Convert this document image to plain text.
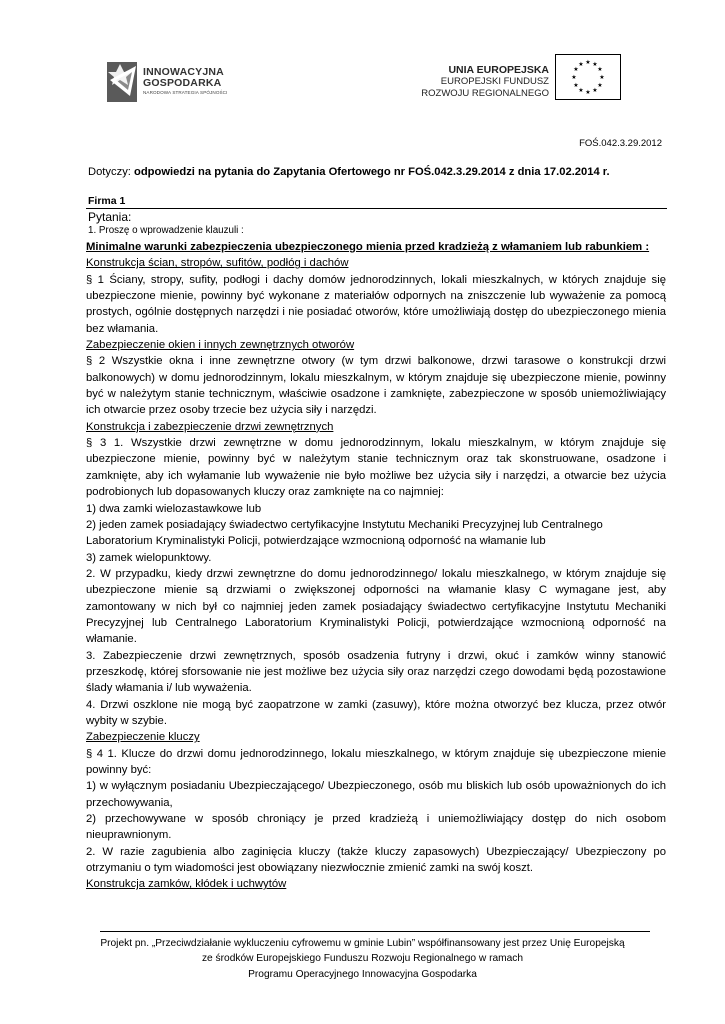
INNOWACYJNA
GOSPODARKA
NARODOWA STRATEGIA SPÓJNOŚCI
UNIA EUROPEJSKA
EUROPEJSKI FUNDUSZ
ROZWOJU REGIONALNEGO
★ ★
★
★
★
★
★
★
★
★
★
★
FOŚ.042.3.29.2012
Dotyczy: odpowiedzi na pytania do Zapytania Ofertowego nr FOŚ.042.3.29.2014 z dnia 17.02.2014 r.
Firma 1
Pytania:
1. Proszę o wprowadzenie klauzuli :

Minimalne warunki zabezpieczenia ubezpieczonego mienia przed kradzieżą z włamaniem lub rabunkiem :

Konstrukcja ścian, stropów, sufitów, podłóg i dachów

§ 1 Ściany, stropy, sufity, podłogi i dachy domów jednorodzinnych, lokali mieszkalnych, w których znajduje się ubezpieczone mienie, powinny być wykonane z materiałów odpornych na zniszczenie lub wyważenie za pomocą prostych, ogólnie dostępnych narzędzi i nie posiadać otworów, które umożliwiają dostęp do ubezpieczonego mienia bez włamania.

Zabezpieczenie okien i innych zewnętrznych otworów

§ 2 Wszystkie okna i inne zewnętrzne otwory (w tym drzwi balkonowe, drzwi tarasowe o konstrukcji drzwi balkonowych) w domu jednorodzinnym, lokalu mieszkalnym, w którym znajduje się ubezpieczone mienie, powinny być w należytym stanie technicznym, właściwie osadzone i zamknięte, zabezpieczone w sposób uniemożliwiający ich otwarcie przez osoby trzecie bez użycia siły i narzędzi.

Konstrukcja i zabezpieczenie drzwi zewnętrznych

§ 3 1. Wszystkie drzwi zewnętrzne w domu jednorodzinnym, lokalu mieszkalnym, w którym znajduje się ubezpieczone mienie, powinny być w należytym stanie technicznym oraz tak skonstruowane, osadzone i zamknięte, aby ich wyłamanie lub wyważenie nie było możliwe bez użycia siły i narzędzi, a otwarcie bez użycia podrobionych lub dopasowanych kluczy oraz zamknięte na co najmniej:

1) dwa zamki wielozastawkowe lub

2) jeden zamek posiadający świadectwo certyfikacyjne Instytutu Mechaniki Precyzyjnej lub Centralnego Laboratorium Kryminalistyki Policji, potwierdzające wzmocnioną odporność na włamanie lub

3) zamek wielopunktowy.

2. W przypadku, kiedy drzwi zewnętrzne do domu jednorodzinnego/ lokalu mieszkalnego, w którym znajduje się ubezpieczone mienie są drzwiami o zwiększonej odporności na włamanie klasy C wymagane jest, aby zamontowany w nich był co najmniej jeden zamek posiadający świadectwo certyfikacyjne Instytutu Mechaniki Precyzyjnej lub Centralnego Laboratorium Kryminalistyki Policji, potwierdzające wzmocnioną odporność na włamanie.

3. Zabezpieczenie drzwi zewnętrznych, sposób osadzenia futryny i drzwi, okuć i zamków winny stanowić przeszkodę, której sforsowanie nie jest możliwe bez użycia siły oraz narzędzi czego dowodami będą pozostawione ślady włamania i/ lub wyważenia.

4. Drzwi oszklone nie mogą być zaopatrzone w zamki (zasuwy), które można otworzyć bez klucza, przez otwór wybity w szybie.

Zabezpieczenie kluczy

§ 4 1. Klucze do drzwi domu jednorodzinnego, lokalu mieszkalnego, w którym znajduje się ubezpieczone mienie powinny być:

1) w wyłącznym posiadaniu Ubezpieczającego/ Ubezpieczonego, osób mu bliskich lub osób upoważnionych do ich przechowywania,

2) przechowywane w sposób chroniący je przed kradzieżą i uniemożliwiający dostęp do nich osobom nieuprawnionym.

2. W razie zagubienia albo zaginięcia kluczy (także kluczy zapasowych) Ubezpieczający/ Ubezpieczony po otrzymaniu o tym wiadomości jest obowiązany niezwłocznie zmienić zamki na swój koszt.

Konstrukcja zamków, kłódek i uchwytów

Projekt pn. „Przeciwdziałanie wykluczeniu cyfrowemu w gminie Lubin” współfinansowany jest przez Unię Europejską
ze środków Europejskiego Funduszu Rozwoju Regionalnego w ramach
Programu Operacyjnego Innowacyjna Gospodarka
